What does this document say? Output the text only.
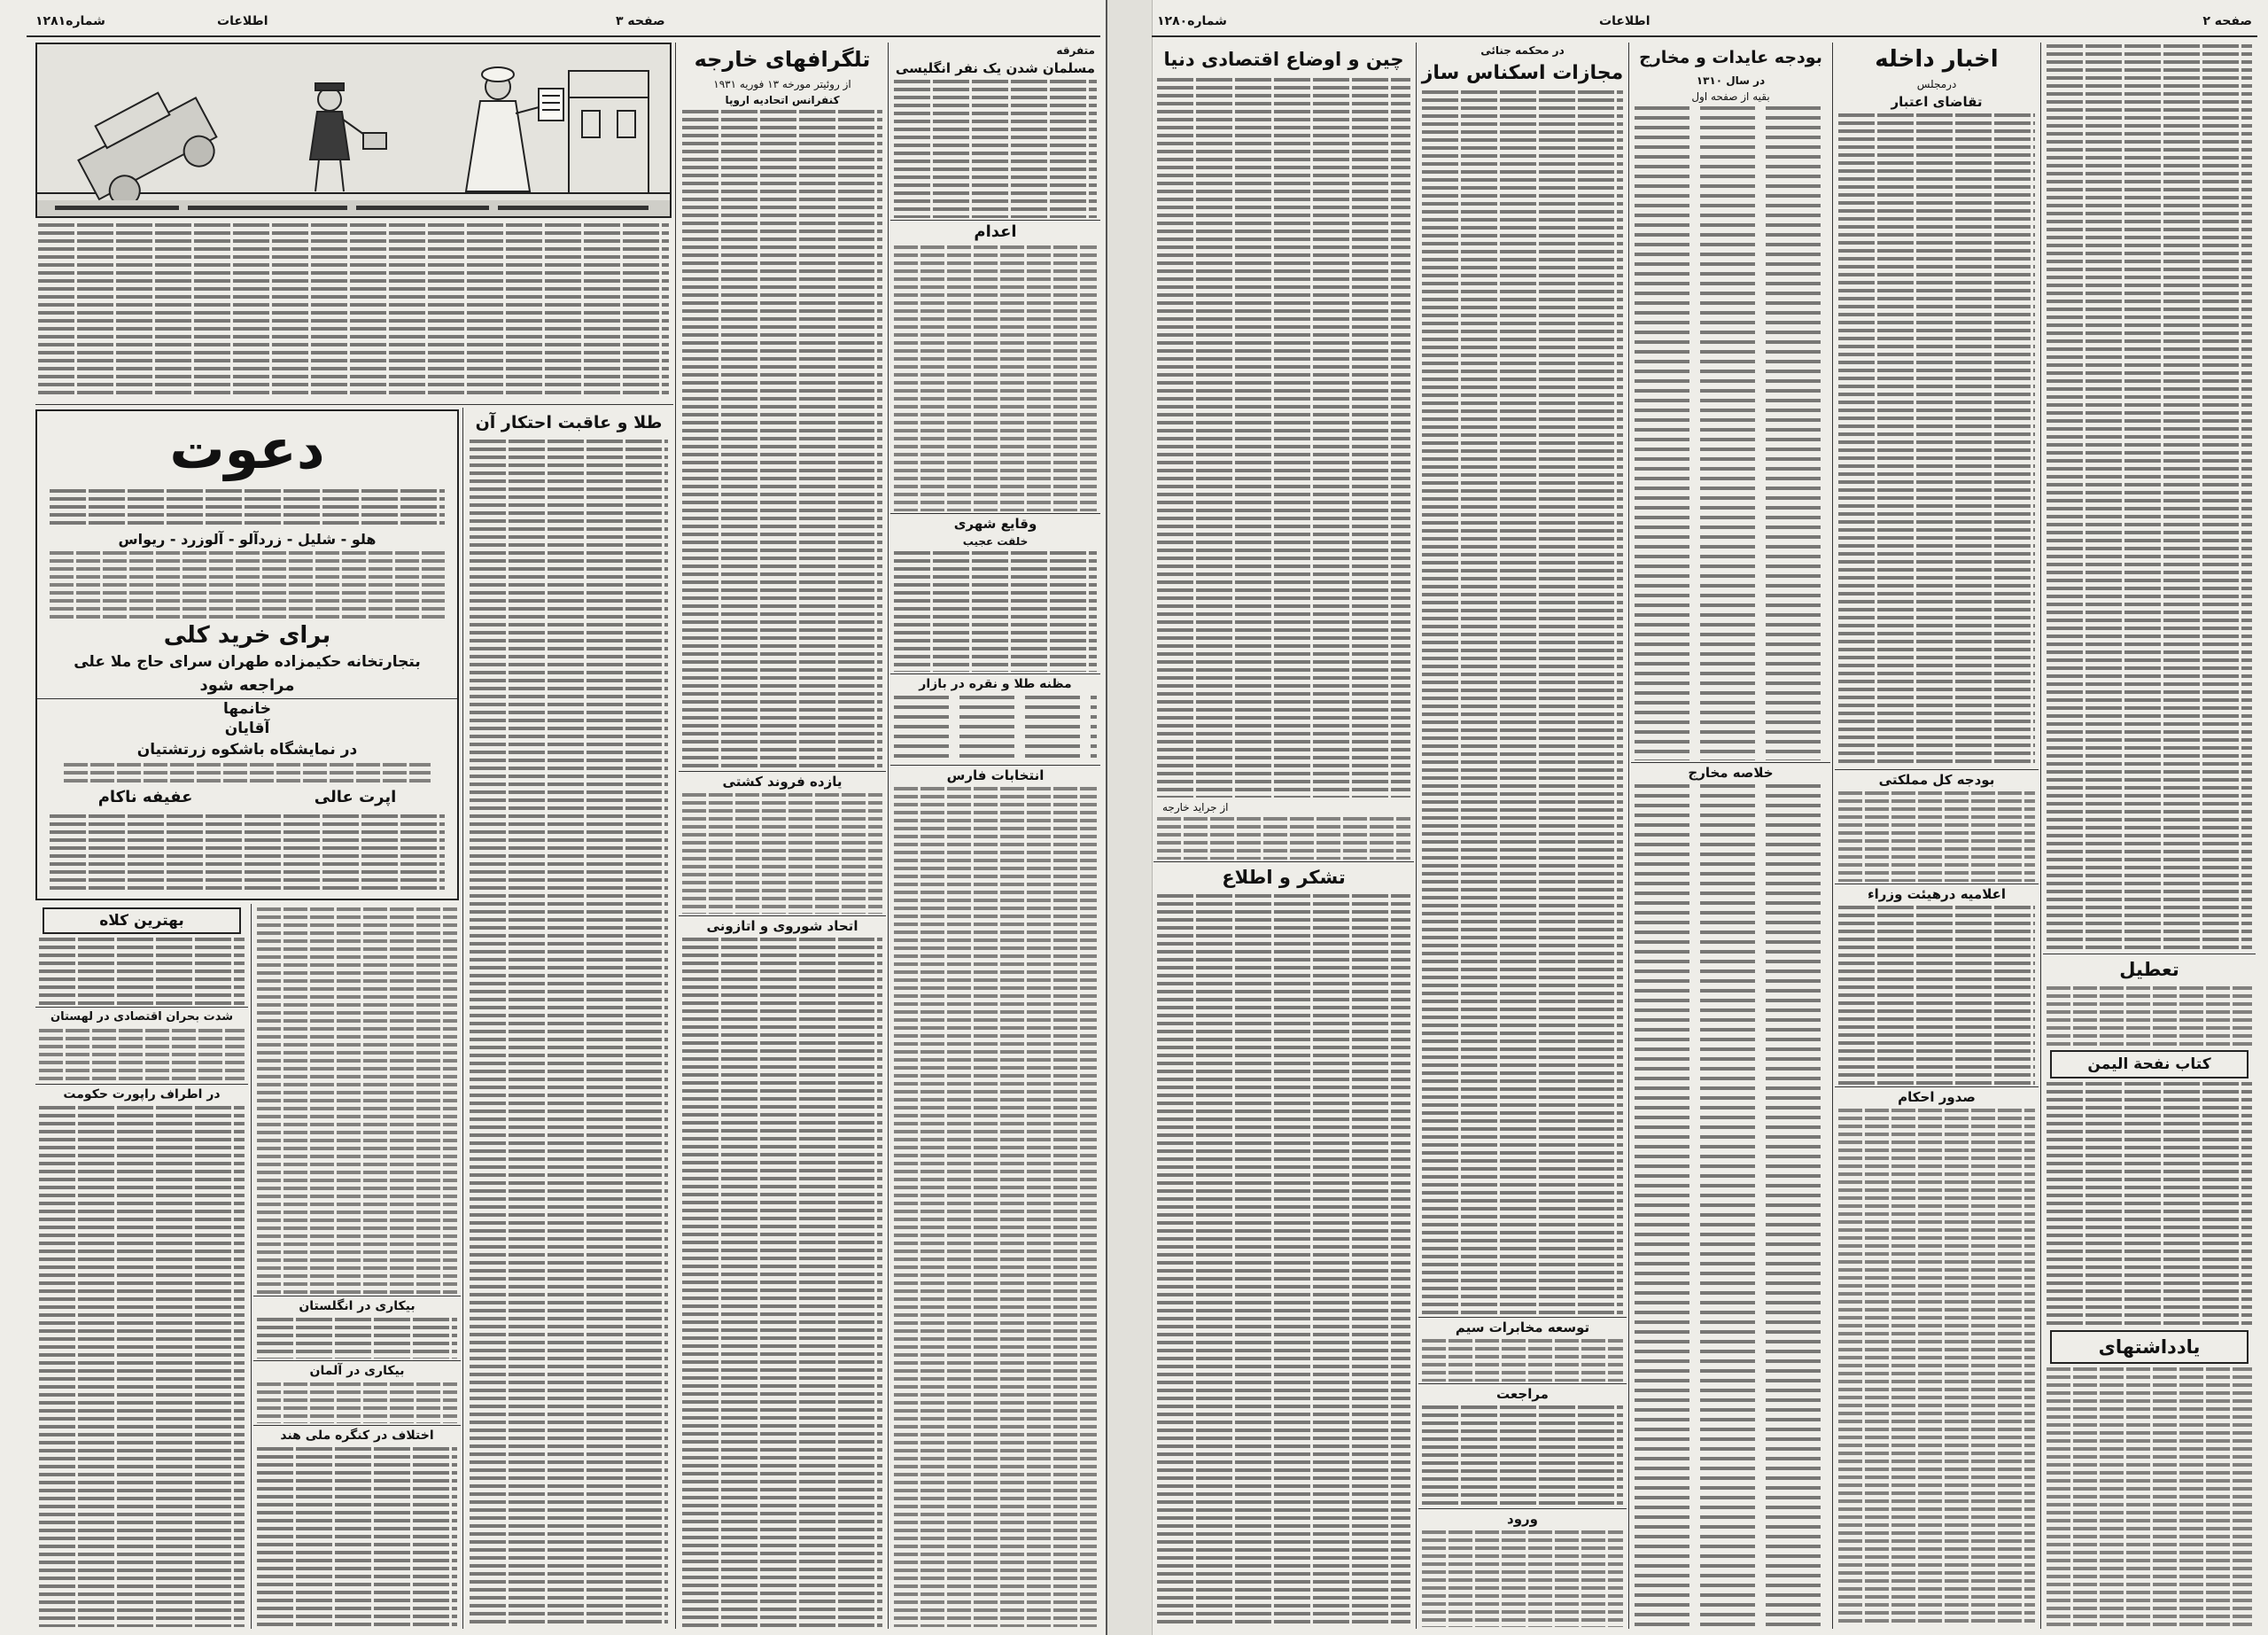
شماره۱۲۸۱	اطلاعات	صفحه ۳	شماره۱۲۸۰	اطلاعات	صفحه ۲
تعطیل
کتاب نفحة الیمن
یادداشتهای
اخبار داخله
درمجلس
تقاضای اعتبار
بودجه کل مملکتی
اعلامیه درهیئت وزراء
صدور احکام
بودجه عایدات و مخارج
در سال ۱۳۱۰
بقیه از صفحه اول
خلاصه مخارج
در محکمه جنائی
مجازات اسکناس ساز
توسعه مخابرات سیم
مراجعت
ورود
چین و اوضاع اقتصادی دنیا
از جراید خارجه
تشکر و اطلاع
متفرقه
مسلمان شدن یک نفر انگلیسی
اعدام
وقایع شهری
خلقت عجیب
مظنه طلا و نقره در بازار
انتخابات فارس
تلگرافهای خارجه
از روئیتر مورخه ۱۳ فوریه ۱۹۳۱
کنفرانس اتحادیه اروپا
یازده فروند کشتی
اتحاد شوروی و اتازونی
طلا و عاقبت احتکار آن
دعوت
هلو - شلیل - زردآلو - آلوزرد - ریواس
برای خرید کلی
بتجارتخانه حکیمزاده طهران سرای حاج ملا علی
مراجعه شود
خانمها
آقایان
در نمایشگاه باشکوه زرتشتیان
اپرت عالی
عفیفه ناکام
بیکاری در انگلستان
بیکاری در آلمان
اختلاف در کنگره ملی هند
بهترین کلاه
شدت بحران اقتصادی در لهستان
در اطراف راپورت حکومت
